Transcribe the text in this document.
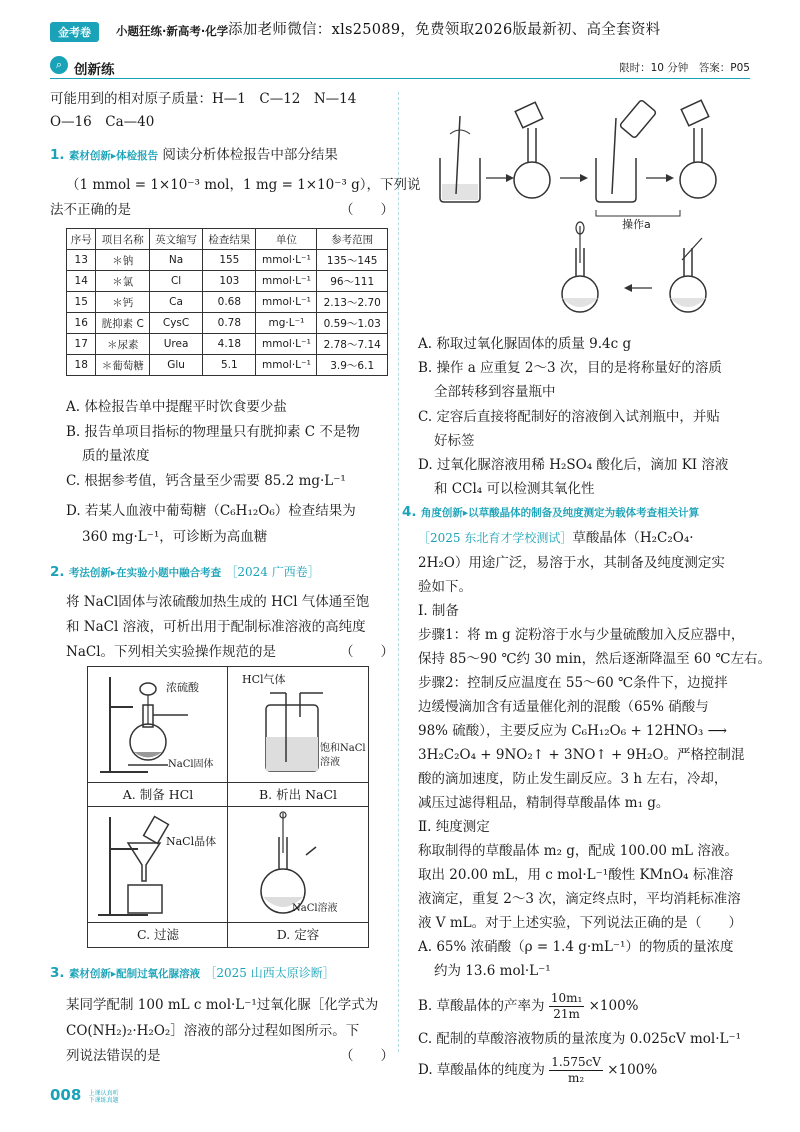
金考卷	小题狂练·新高考·化学 添加老师微信：xls25089，免费领取2026版最新初、高全套资料
⌕ 创新练	限时：10 分钟　答案：P05
可能用到的相对原子质量：H—1　C—12　N—14
O—16　Ca—40
1. 素材创新▸体检报告 阅读分析体检报告中部分结果
（1 mmol = 1×10⁻³ mol，1 mg = 1×10⁻³ g），下列说
法不正确的是	（　　）
序号	项目名称	英文缩写	检查结果	单位	参考范围
13	＊钠	Na	155	mmol·L⁻¹	135～145
14	＊氯	Cl	103	mmol·L⁻¹	96～111
15	＊钙	Ca	0.68	mmol·L⁻¹	2.13～2.70
16	胱抑素 C	CysC	0.78	mg·L⁻¹	0.59～1.03
17	＊尿素	Urea	4.18	mmol·L⁻¹	2.78～7.14
18	＊葡萄糖	Glu	5.1	mmol·L⁻¹	3.9～6.1
A. 体检报告单中提醒平时饮食要少盐
B. 报告单项目指标的物理量只有胱抑素 C 不是物
质的量浓度
C. 根据参考值，钙含量至少需要 85.2 mg·L⁻¹
D. 若某人血液中葡萄糖（C₆H₁₂O₆）检查结果为
360 mg·L⁻¹，可诊断为高血糖
2. 考法创新▸在实验小题中融合考查 ［2024 广西卷］
将 NaCl固体与浓硫酸加热生成的 HCl 气体通至饱
和 NaCl 溶液，可析出用于配制标准溶液的高纯度
NaCl。下列相关实验操作规范的是	（　　）
浓硫酸
NaCl固体
A. 制备 HCl
HCl气体
饱和NaCl
溶液
B. 析出 NaCl
NaCl晶体
C. 过滤
NaCl溶液
D. 定容
3. 素材创新▸配制过氧化脲溶液 ［2025 山西太原诊断］
某同学配制 100 mL c mol·L⁻¹过氧化脲［化学式为
CO(NH₂)₂·H₂O₂］溶液的部分过程如图所示。下
列说法错误的是	（　　）
操作a
A. 称取过氧化脲固体的质量 9.4c g
B. 操作 a 应重复 2～3 次，目的是将称量好的溶质
全部转移到容量瓶中
C. 定容后直接将配制好的溶液倒入试剂瓶中，并贴
好标签
D. 过氧化脲溶液用稀 H₂SO₄ 酸化后，滴加 KI 溶液
和 CCl₄ 可以检测其氧化性
4. 角度创新▸以草酸晶体的制备及纯度测定为载体考查相关计算
［2025 东北育才学校测试］草酸晶体（H₂C₂O₄·
2H₂O）用途广泛，易溶于水，其制备及纯度测定实
验如下。
Ⅰ. 制备
步骤1：将 m g 淀粉溶于水与少量硫酸加入反应器中，
保持 85～90 ℃约 30 min，然后逐渐降温至 60 ℃左右。
步骤2：控制反应温度在 55～60 ℃条件下，边搅拌
边缓慢滴加含有适量催化剂的混酸（65% 硝酸与
98% 硫酸），主要反应为 C₆H₁₂O₆ + 12HNO₃ ⟶
3H₂C₂O₄ + 9NO₂↑ + 3NO↑ + 9H₂O。严格控制混
酸的滴加速度，防止发生副反应。3 h 左右，冷却，
减压过滤得粗品，精制得草酸晶体 m₁ g。
Ⅱ. 纯度测定
称取制得的草酸晶体 m₂ g，配成 100.00 mL 溶液。
取出 20.00 mL，用 c mol·L⁻¹酸性 KMnO₄ 标准溶
液滴定，重复 2～3 次，滴定终点时，平均消耗标准溶
液 V mL。对于上述实验，下列说法正确的是 （　　）
A. 65% 浓硝酸（ρ = 1.4 g·mL⁻¹）的物质的量浓度
约为 13.6 mol·L⁻¹
B. 草酸晶体的产率为 $\frac{\text{10m₁}}{21m} \times 100\%$
C. 配制的草酸溶液物质的量浓度为 0.025cV mol·L⁻¹
D. 草酸晶体的纯度为 $\frac{1.575cV}{\text{m₂}} \times 100\%$
008 上课认真听
下课练真题
